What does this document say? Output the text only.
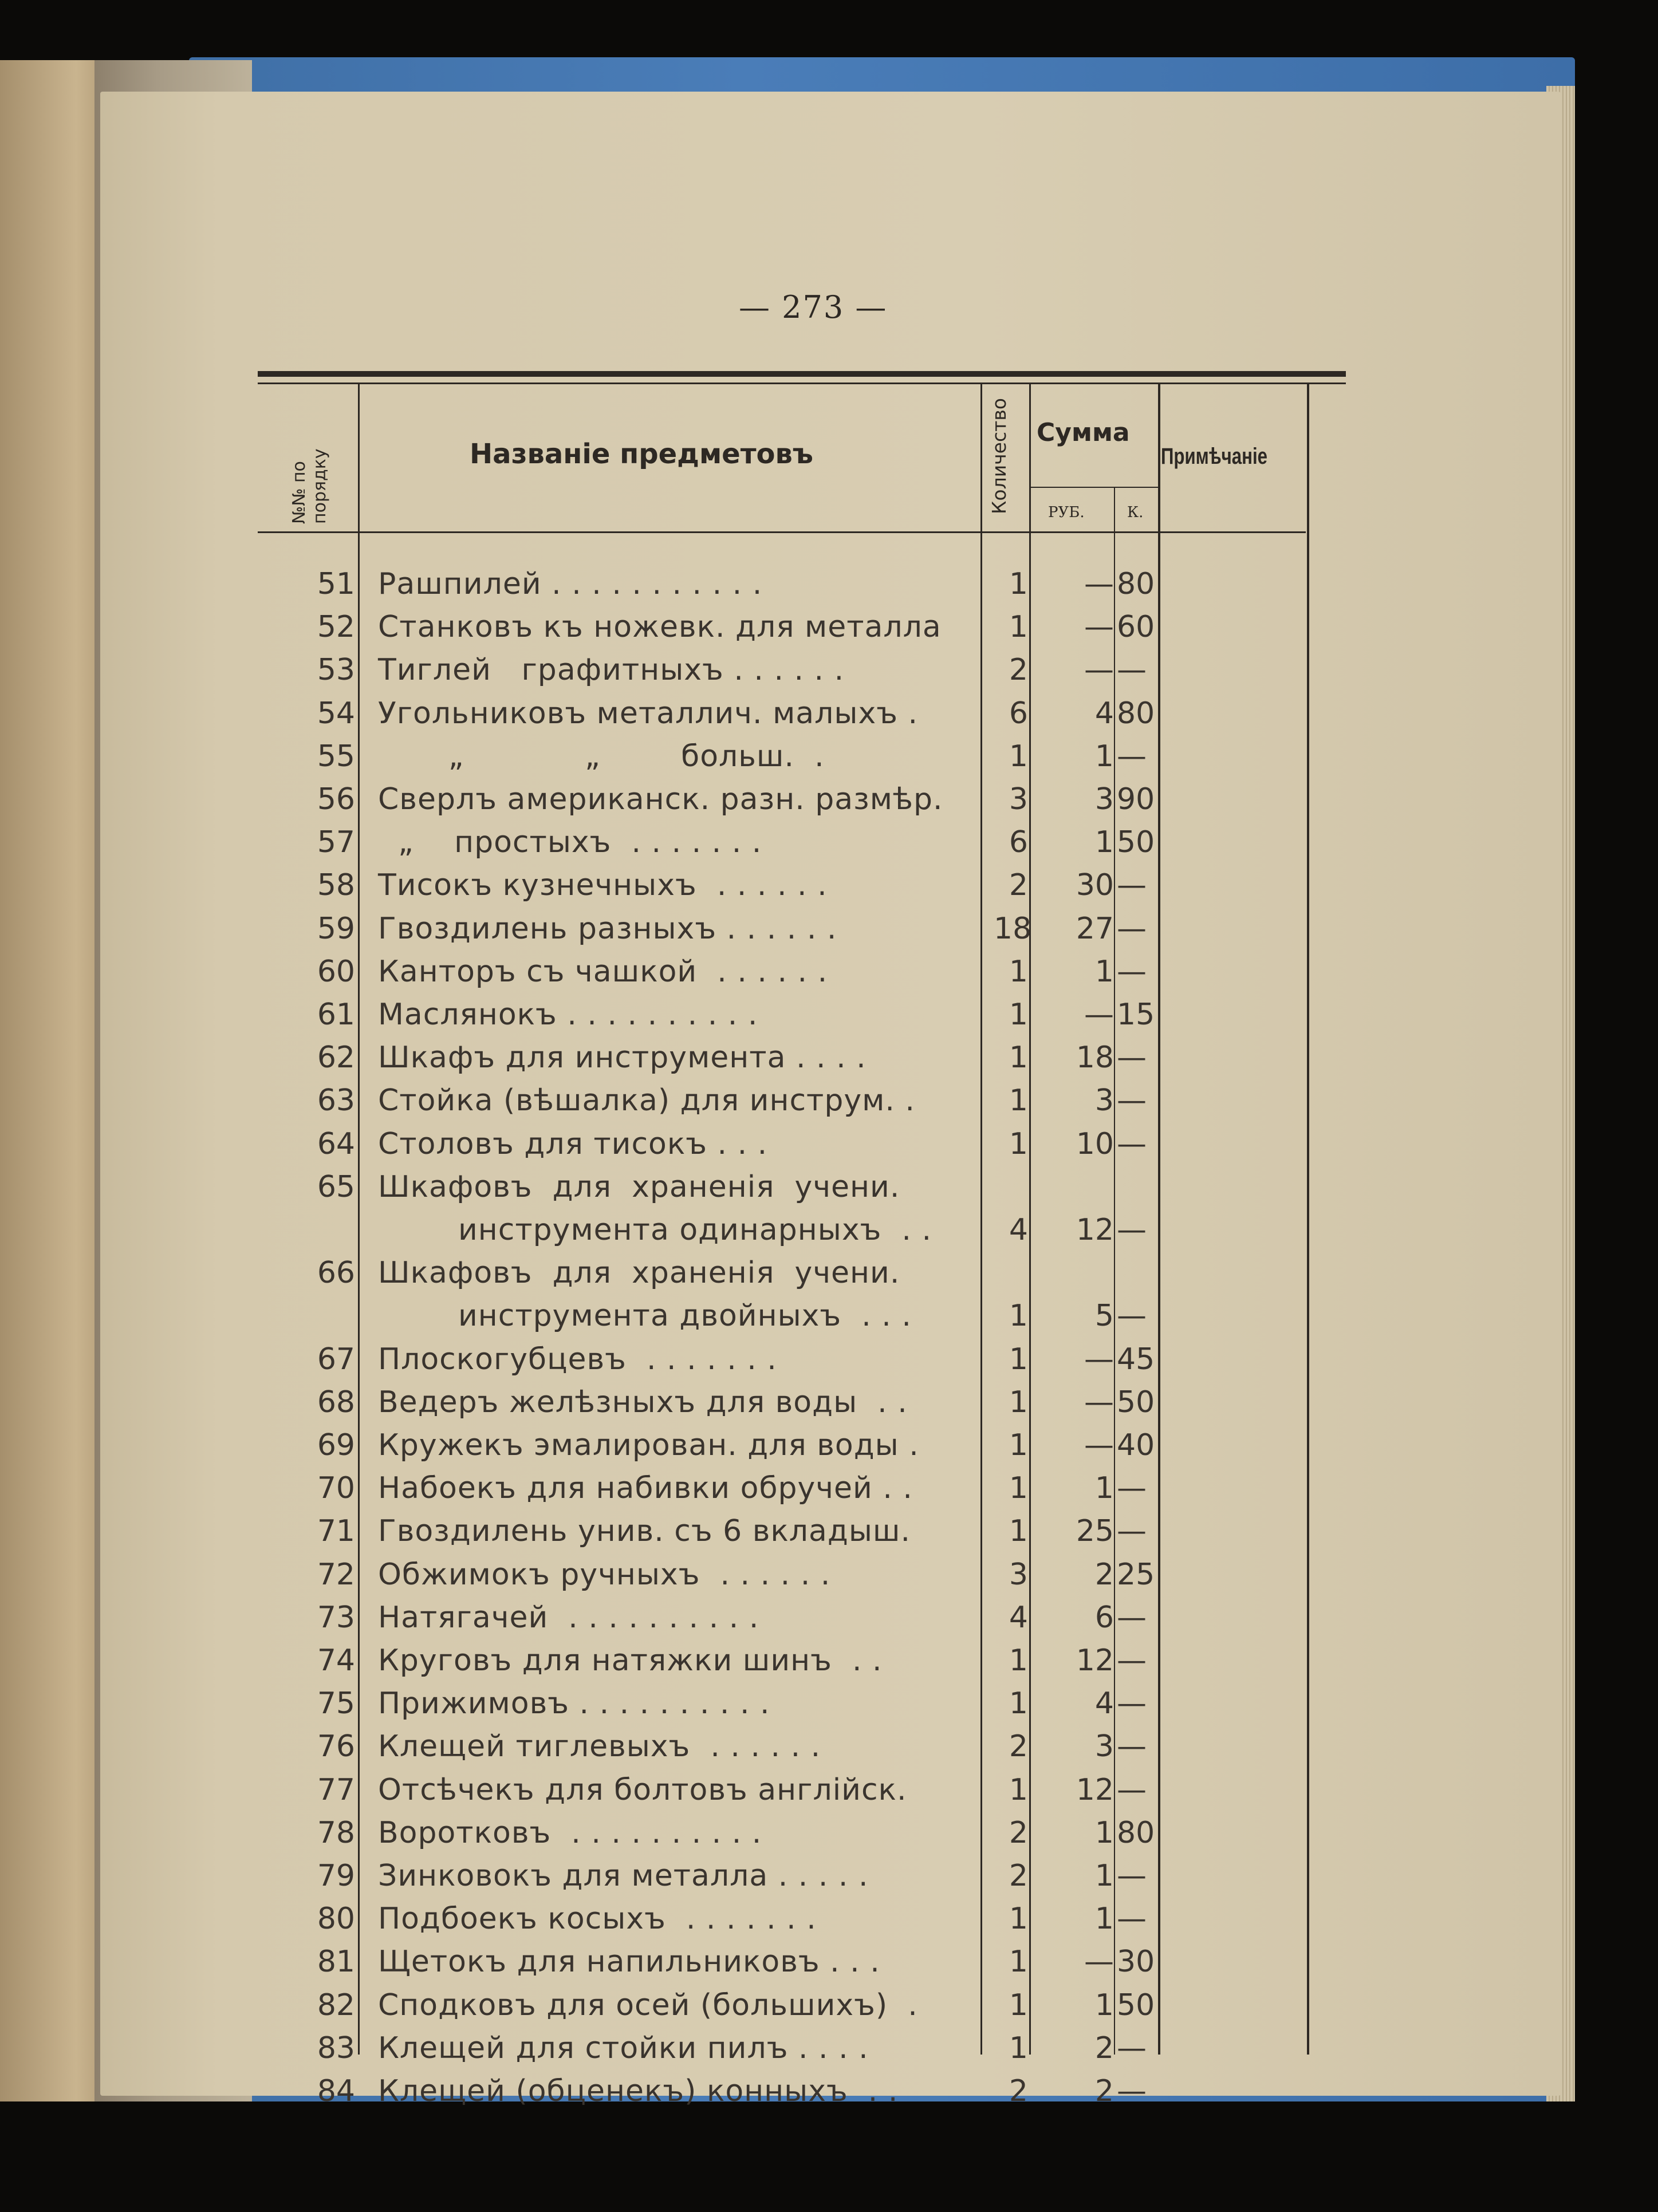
— 273 —
№№ по порядку	Названіе предметовъ	Количество Сумма
РУБ.	К.
Примѣчаніе
51 Рашпилей . . . . . . . . . . .	1	— 80
52 Станковъ къ ножевк. для металла	1	— 60
53 Тиглей   графитныхъ . . . . . .	2	— —
54 Угольниковъ металлич. малыхъ .	6	4 80
55 „            „        больш.  .	1	1 —
56 Сверлъ американск. разн. размѣр.	3	3 90
57 „    простыхъ  . . . . . . .	6	1 50
58 Тисокъ кузнечныхъ  . . . . . .	2	30 —
59 Гвоздилень разныхъ . . . . . .	18	27 —
60 Канторъ съ чашкой  . . . . . .	1	1 —
61 Маслянокъ . . . . . . . . . .	1	— 15
62 Шкафъ для инструмента . . . .	1	18 —
63 Стойка (вѣшалка) для инструм. .	1	3 —
64 Столовъ для тисокъ . . .	1	10 —
65 Шкафовъ  для  храненія  учени.
инструмента одинарныхъ  . .	4	12 —
66 Шкафовъ  для  храненія  учени.
инструмента двойныхъ  . . .	1	5 —
67 Плоскогубцевъ  . . . . . . .	1	— 45
68 Ведеръ желѣзныхъ для воды  . .	1	— 50
69 Кружекъ эмалирован. для воды .	1	— 40
70 Набоекъ для набивки обручей . .	1	1 —
71 Гвоздилень унив. съ 6 вкладыш.	1	25 —
72 Обжимокъ ручныхъ  . . . . . .	3	2 25
73 Натягачей  . . . . . . . . . .	4	6 —
74 Круговъ для натяжки шинъ  . .	1	12 —
75 Прижимовъ . . . . . . . . . .	1	4 —
76 Клещей тиглевыхъ  . . . . . .	2	3 —
77 Отсѣчекъ для болтовъ англійск.	1	12 —
78 Воротковъ  . . . . . . . . . .	2	1 80
79 Зинковокъ для металла . . . . .	2	1 —
80 Подбоекъ косыхъ  . . . . . . .	1	1 —
81 Щетокъ для напильниковъ . . .	1	— 30
82 Сподковъ для осей (большихъ)  .	1	1 50
83 Клещей для стойки пилъ . . . .	1	2 —
84 Клещей (обценекъ) конныхъ  . .	2	2 —
